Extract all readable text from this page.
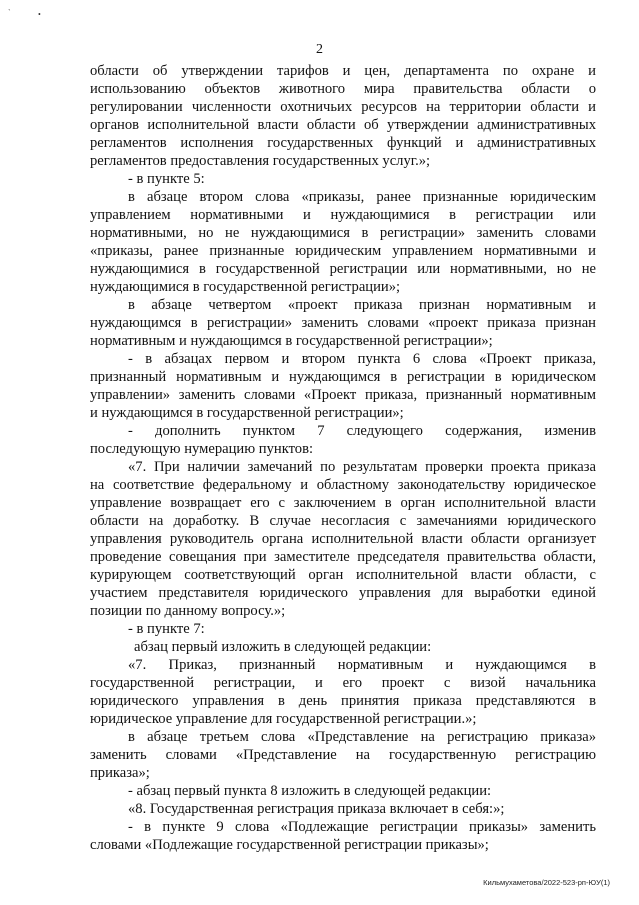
`	•
2
области об утверждении тарифов и цен, департамента по охране и
использованию объектов животного мира правительства области о
регулировании численности охотничьих ресурсов на территории области и
органов исполнительной власти области об утверждении административных
регламентов исполнения государственных функций и административных
регламентов предоставления государственных услуг.»;
- в пункте 5:
в абзаце втором слова «приказы, ранее признанные юридическим
управлением нормативными и нуждающимися в регистрации или
нормативными, но не нуждающимися в регистрации» заменить словами
«приказы, ранее признанные юридическим управлением нормативными и
нуждающимися в государственной регистрации или нормативными, но не
нуждающимися в государственной регистрации»;
в абзаце четвертом «проект приказа признан нормативным и
нуждающимся в регистрации» заменить словами «проект приказа признан
нормативным и нуждающимся в государственной регистрации»;
- в абзацах первом и втором пункта 6 слова «Проект приказа,
признанный нормативным и нуждающимся в регистрации в юридическом
управлении» заменить словами «Проект приказа, признанный нормативным
и нуждающимся в государственной регистрации»;
- дополнить пунктом 7 следующего содержания, изменив
последующую нумерацию пунктов:
«7. При наличии замечаний по результатам проверки проекта приказа
на соответствие федеральному и областному законодательству юридическое
управление возвращает его с заключением в орган исполнительной власти
области на доработку. В случае несогласия с замечаниями юридического
управления руководитель органа исполнительной власти области организует
проведение совещания при заместителе председателя правительства области,
курирующем соответствующий орган исполнительной власти области, с
участием представителя юридического управления для выработки единой
позиции по данному вопросу.»;
- в пункте 7:
абзац первый изложить в следующей редакции:
«7. Приказ, признанный нормативным и нуждающимся в
государственной регистрации, и его проект с визой начальника
юридического управления в день принятия приказа представляются в
юридическое управление для государственной регистрации.»;
в абзаце третьем слова «Представление на регистрацию приказа»
заменить словами «Представление на государственную регистрацию
приказа»;
- абзац первый пункта 8 изложить в следующей редакции:
«8. Государственная регистрация приказа включает в себя:»;
- в пункте 9 слова «Подлежащие регистрации приказы» заменить
словами «Подлежащие государственной регистрации приказы»;
Кильмухаметова/2022-523-рп-ЮУ(1)
